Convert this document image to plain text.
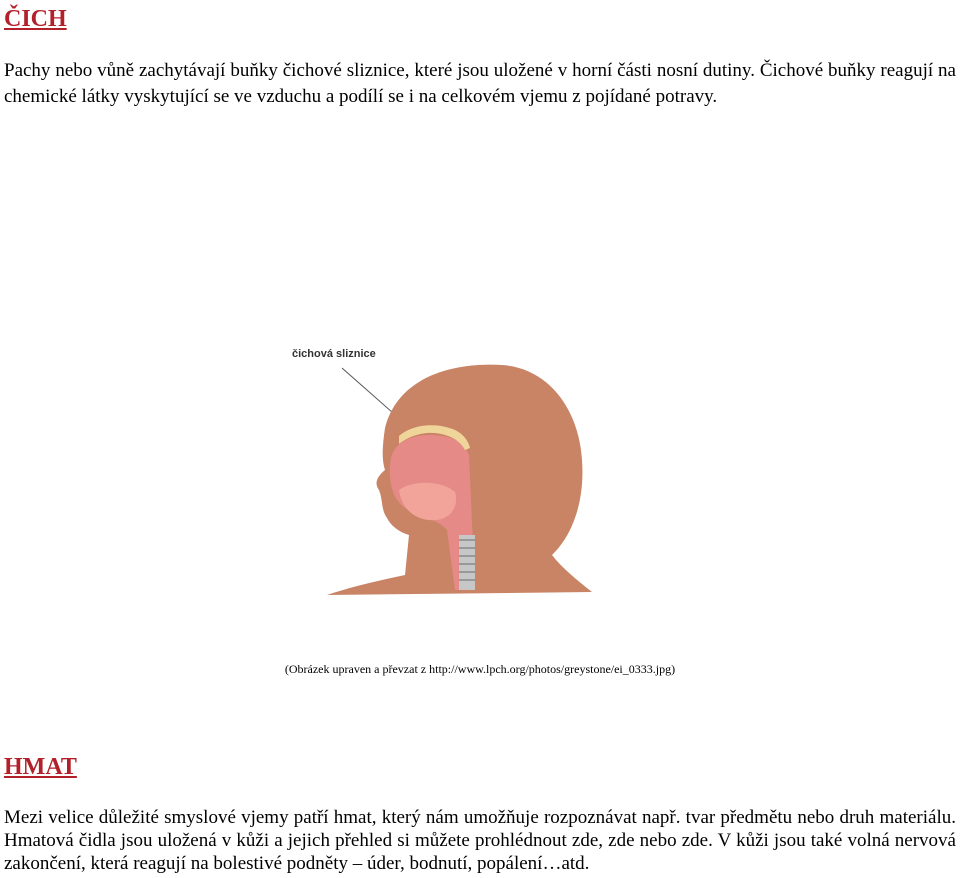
ČICH

Pachy nebo vůně zachytávají buňky čichové sliznice, které jsou uložené v horní části nosní dutiny. Čichové buňky reagují na chemické látky vyskytující se ve vzduchu a podílí se i na celkovém vjemu z pojídané potravy.

čichová sliznice

(Obrázek upraven a převzat z http://www.lpch.org/photos/greystone/ei_0333.jpg)

HMAT

Mezi velice důležité smyslové vjemy patří hmat, který nám umožňuje rozpoznávat např. tvar předmětu nebo druh materiálu. Hmatová čidla jsou uložená v kůži a jejich přehled si můžete prohlédnout zde, zde nebo zde. V kůži jsou také volná nervová zakončení, která reagují na bolestivé podněty – úder, bodnutí, popálení…atd.
